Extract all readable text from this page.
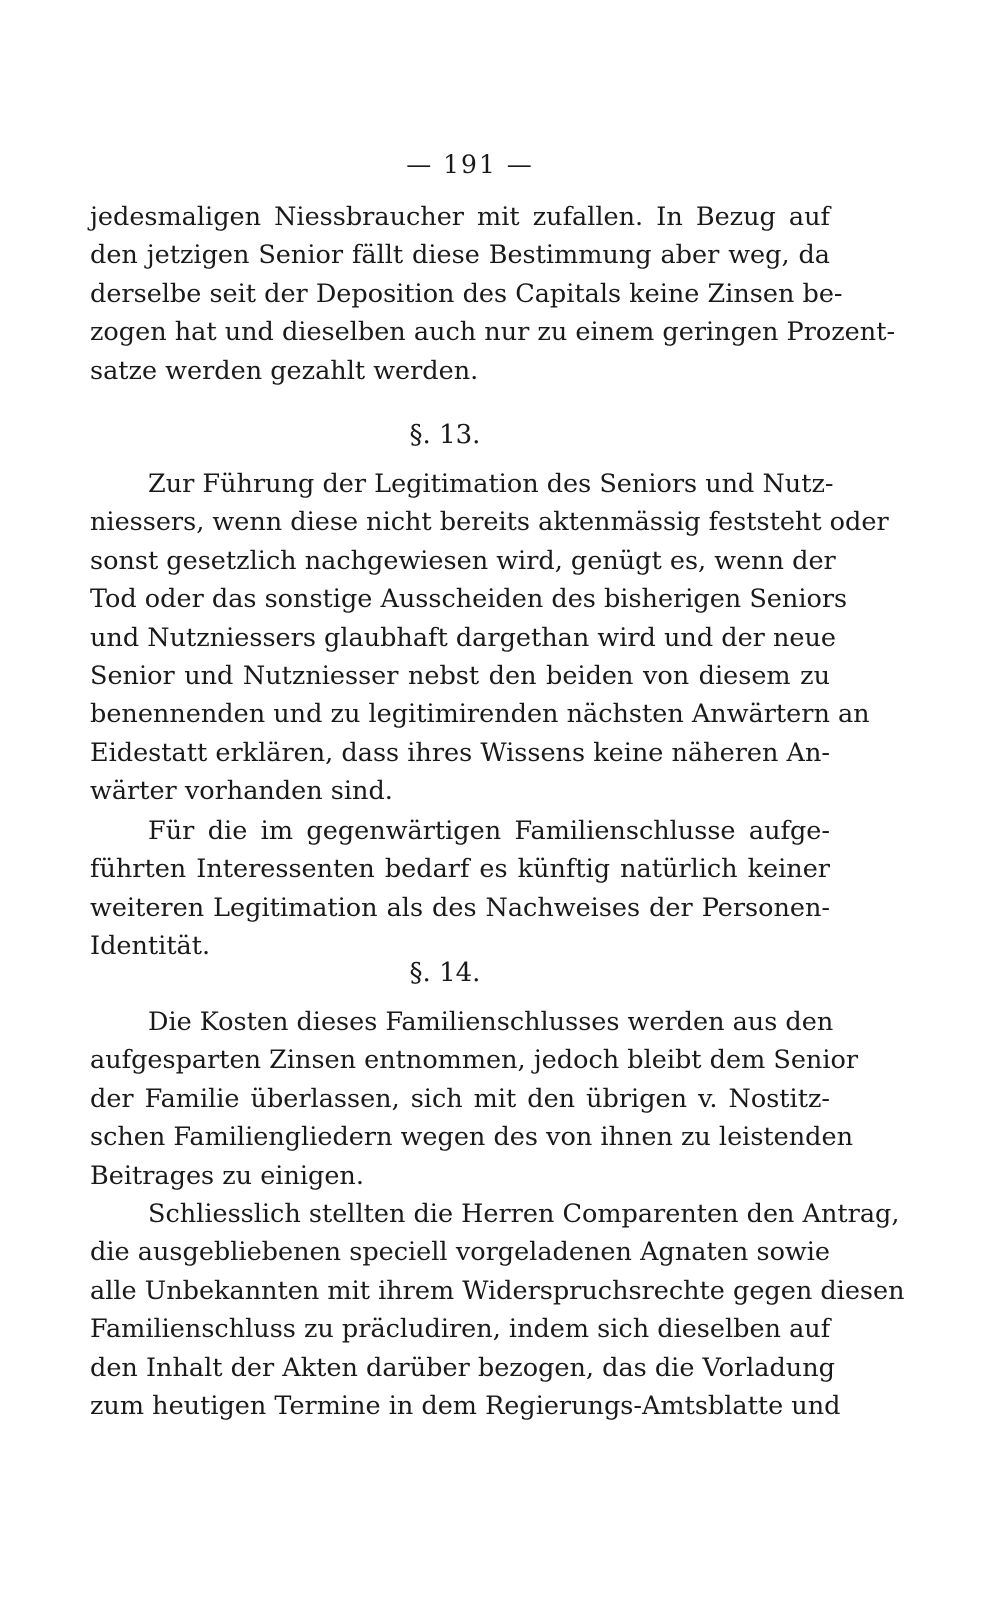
— 191 —
jedesmaligen Niessbraucher mit zufallen. In Bezug auf
den jetzigen Senior fällt diese Bestimmung aber weg, da
derselbe seit der Deposition des Capitals keine Zinsen be-
zogen hat und dieselben auch nur zu einem geringen Prozent-
satze werden gezahlt werden.
§. 13.
Zur Führung der Legitimation des Seniors und Nutz-
niessers, wenn diese nicht bereits aktenmässig feststeht oder
sonst gesetzlich nachgewiesen wird, genügt es, wenn der
Tod oder das sonstige Ausscheiden des bisherigen Seniors
und Nutzniessers glaubhaft dargethan wird und der neue
Senior und Nutzniesser nebst den beiden von diesem zu
benennenden und zu legitimirenden nächsten Anwärtern an
Eidestatt erklären, dass ihres Wissens keine näheren An-
wärter vorhanden sind.
Für die im gegenwärtigen Familienschlusse aufge-
führten Interessenten bedarf es künftig natürlich keiner
weiteren Legitimation als des Nachweises der Personen-
Identität.
§. 14.
Die Kosten dieses Familienschlusses werden aus den
aufgesparten Zinsen entnommen, jedoch bleibt dem Senior
der Familie überlassen, sich mit den übrigen v. Nostitz-
schen Familiengliedern wegen des von ihnen zu leistenden
Beitrages zu einigen.
Schliesslich stellten die Herren Comparenten den Antrag,
die ausgebliebenen speciell vorgeladenen Agnaten sowie
alle Unbekannten mit ihrem Widerspruchsrechte gegen diesen
Familienschluss zu präcludiren, indem sich dieselben auf
den Inhalt der Akten darüber bezogen, das die Vorladung
zum heutigen Termine in dem Regierungs-Amtsblatte und
